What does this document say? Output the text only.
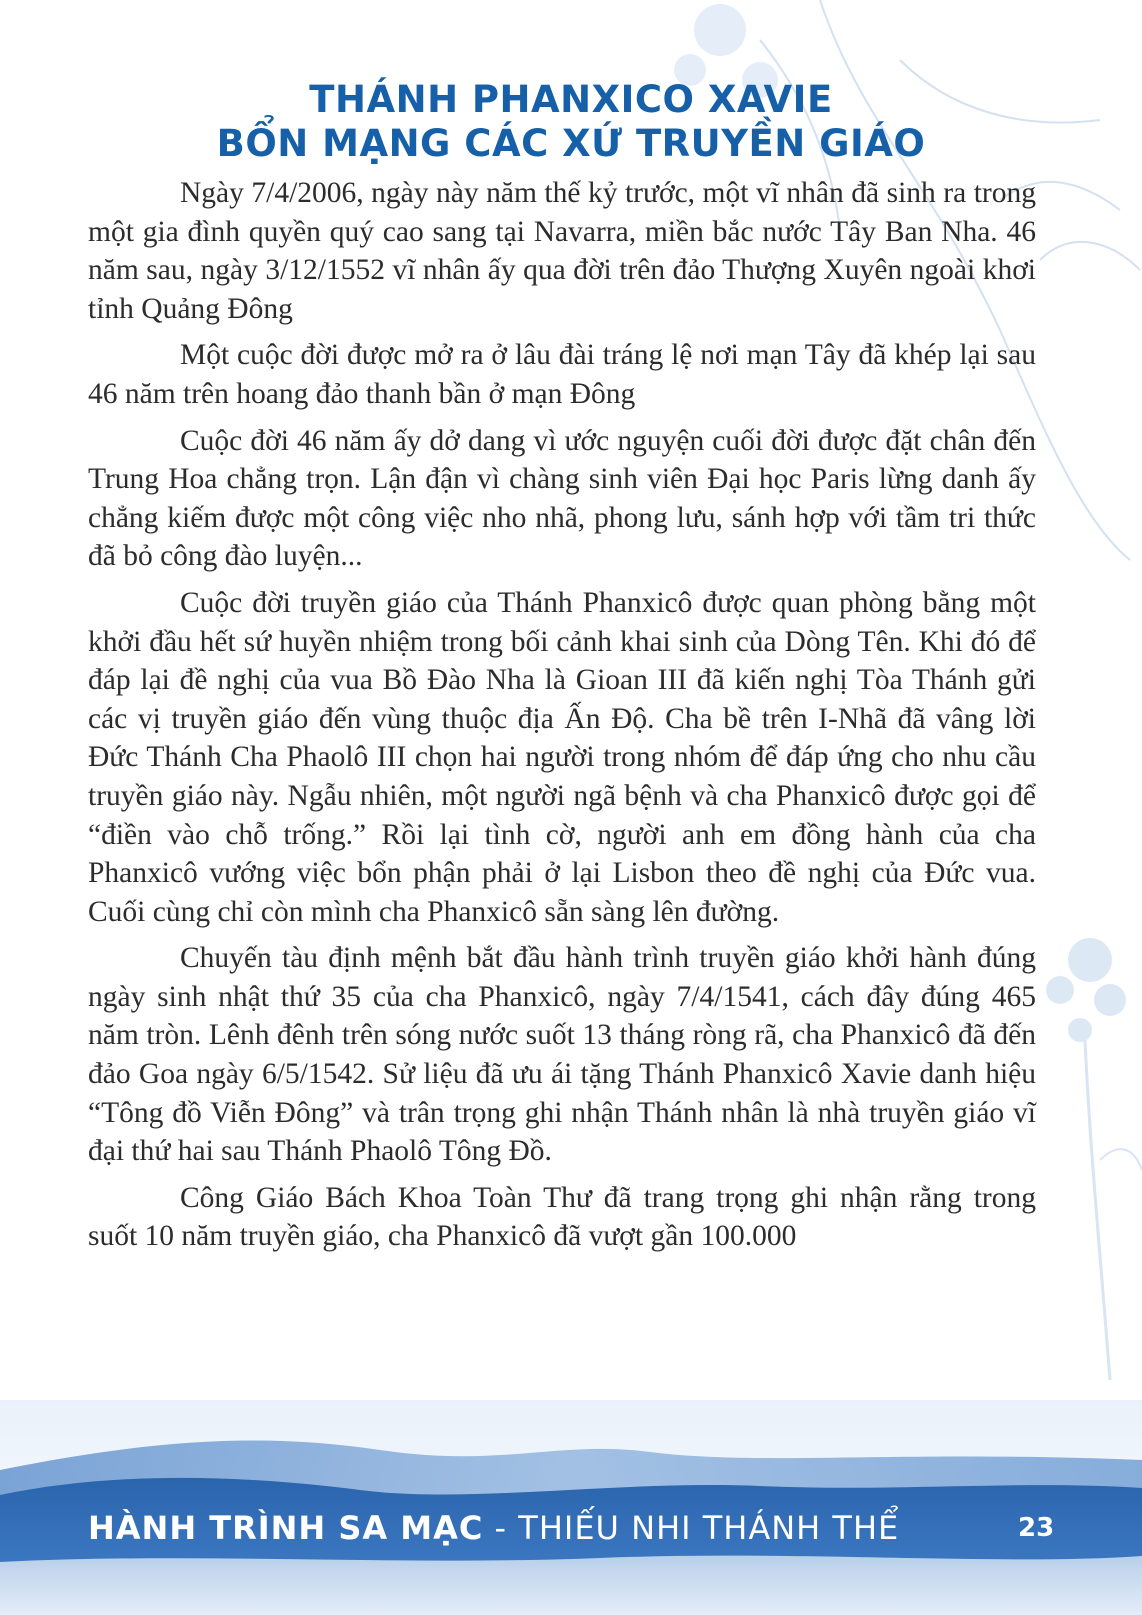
THÁNH PHANXICO XAVIE
BỔN MẠNG CÁC XỨ TRUYỀN GIÁO

Ngày 7/4/2006, ngày này năm thế kỷ trước, một vĩ nhân đã sinh ra trong một gia đình quyền quý cao sang tại Navarra, miền bắc nước Tây Ban Nha. 46 năm sau, ngày 3/12/1552 vĩ nhân ấy qua đời trên đảo Thượng Xuyên ngoài khơi tỉnh Quảng Đông

Một cuộc đời được mở ra ở lâu đài tráng lệ nơi mạn Tây đã khép lại sau 46 năm trên hoang đảo thanh bần ở mạn Đông

Cuộc đời 46 năm ấy dở dang vì ước nguyện cuối đời được đặt chân đến Trung Hoa chẳng trọn. Lận đận vì chàng sinh viên Đại học Paris lừng danh ấy chẳng kiếm được một công việc nho nhã, phong lưu, sánh hợp với tầm tri thức đã bỏ công đào luyện...

Cuộc đời truyền giáo của Thánh Phanxicô được quan phòng bằng một khởi đầu hết sứ huyền nhiệm trong bối cảnh khai sinh của Dòng Tên. Khi đó để đáp lại đề nghị của vua Bồ Đào Nha là Gioan III đã kiến nghị Tòa Thánh gửi các vị truyền giáo đến vùng thuộc địa Ấn Độ. Cha bề trên I-Nhã đã vâng lời Đức Thánh Cha Phaolô III chọn hai người trong nhóm để đáp ứng cho nhu cầu truyền giáo này. Ngẫu nhiên, một người ngã bệnh và cha Phanxicô được gọi để “điền vào chỗ trống.” Rồi lại tình cờ, người anh em đồng hành của cha Phanxicô vướng việc bổn phận phải ở lại Lisbon theo đề nghị của Đức vua. Cuối cùng chỉ còn mình cha Phanxicô sẵn sàng lên đường.

Chuyến tàu định mệnh bắt đầu hành trình truyền giáo khởi hành đúng ngày sinh nhật thứ 35 của cha Phanxicô, ngày 7/4/1541, cách đây đúng 465 năm tròn. Lênh đênh trên sóng nước suốt 13 tháng ròng rã, cha Phanxicô đã đến đảo Goa ngày 6/5/1542. Sử liệu đã ưu ái tặng Thánh Phanxicô Xavie danh hiệu “Tông đồ Viễn Đông” và trân trọng ghi nhận Thánh nhân là nhà truyền giáo vĩ đại thứ hai sau Thánh Phaolô Tông Đồ.

Công Giáo Bách Khoa Toàn Thư đã trang trọng ghi nhận rằng trong suốt 10 năm truyền giáo, cha Phanxicô đã vượt gần 100.000

HÀNH TRÌNH SA MẠC - THIẾU NHI THÁNH THỂ	23
